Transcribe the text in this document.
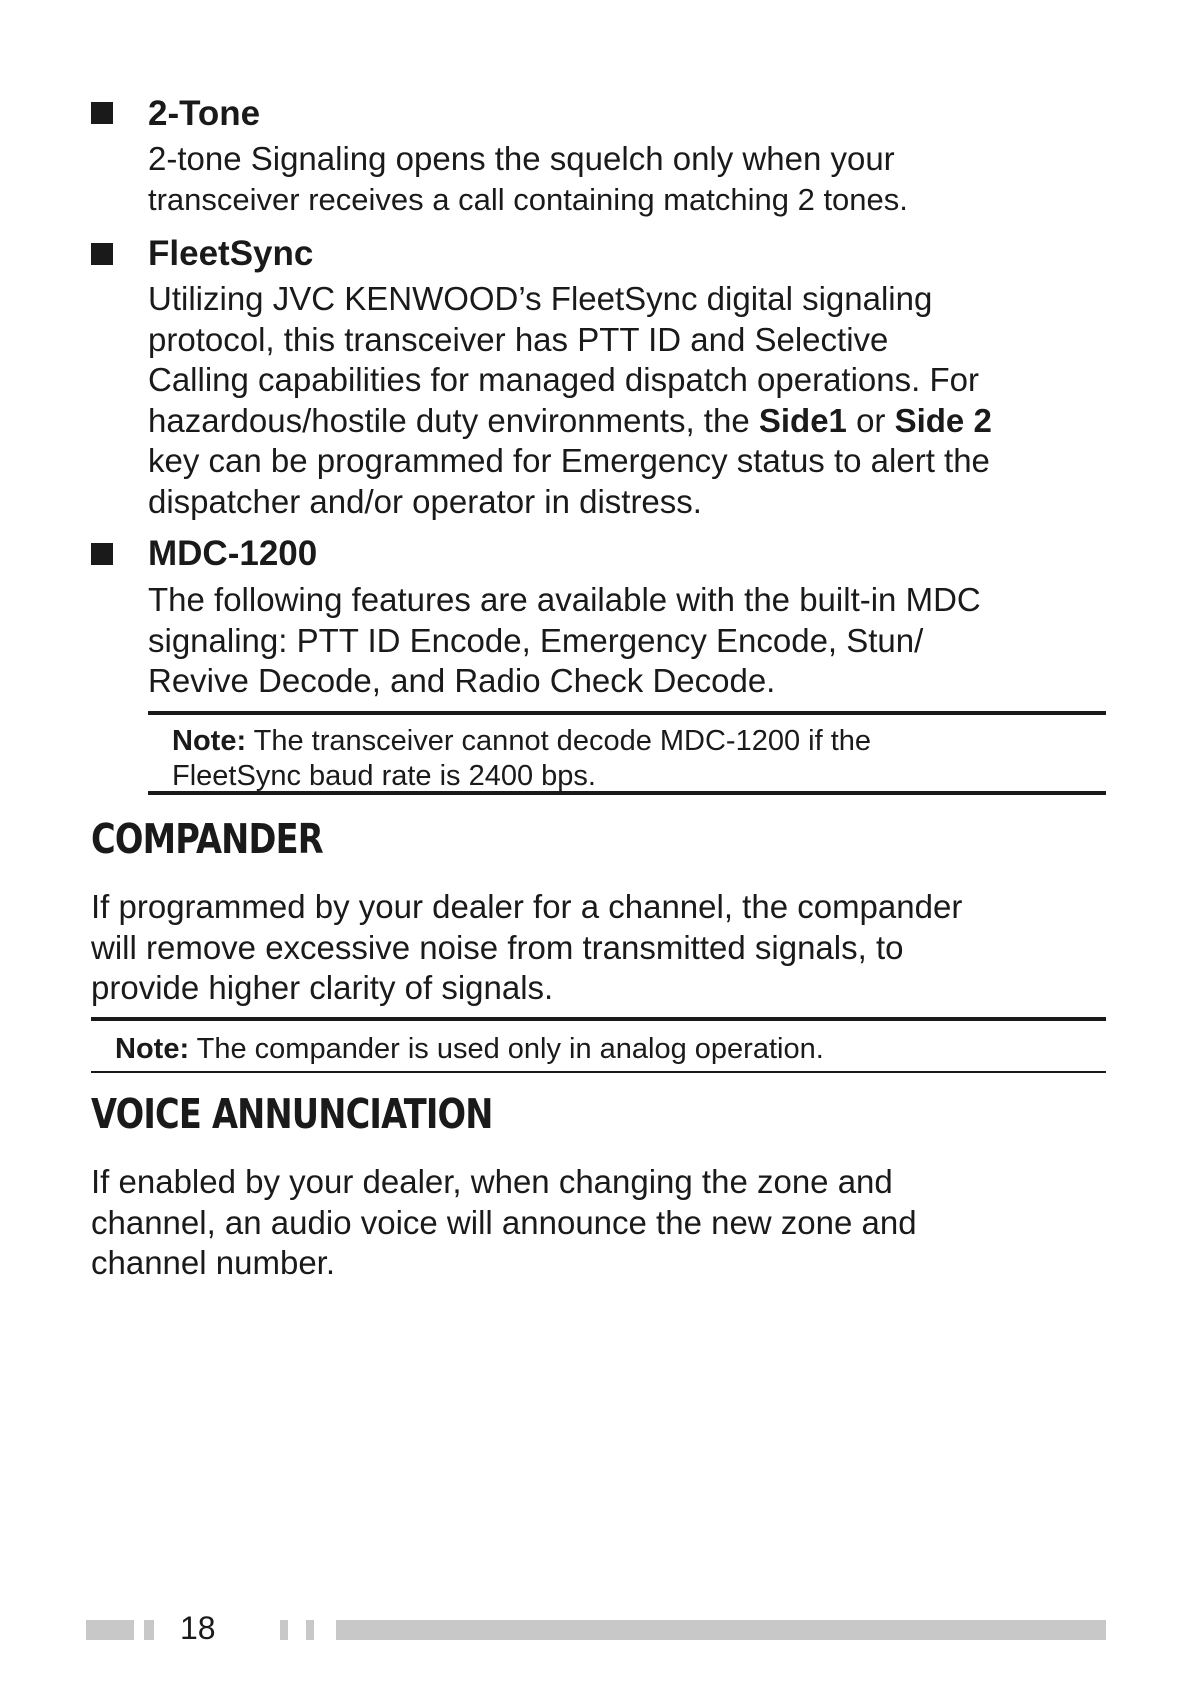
2-Tone
2-tone Signaling opens the squelch only when your
transceiver receives a call containing matching 2 tones.
FleetSync
Utilizing JVC KENWOOD’s FleetSync digital signaling
protocol, this transceiver has PTT ID and Selective
Calling capabilities for managed dispatch operations. For
hazardous/hostile duty environments, the Side1 or Side 2
key can be programmed for Emergency status to alert the
dispatcher and/or operator in distress.
MDC-1200
The following features are available with the built-in MDC
signaling: PTT ID Encode, Emergency Encode, Stun/
Revive Decode, and Radio Check Decode.
Note: The transceiver cannot decode MDC-1200 if the
FleetSync baud rate is 2400 bps.
COMPANDER
If programmed by your dealer for a channel, the compander
will remove excessive noise from transmitted signals, to
provide higher clarity of signals.
Note: The compander is used only in analog operation.
VOICE ANNUNCIATION
If enabled by your dealer, when changing the zone and
channel, an audio voice will announce the new zone and
channel number.
18
